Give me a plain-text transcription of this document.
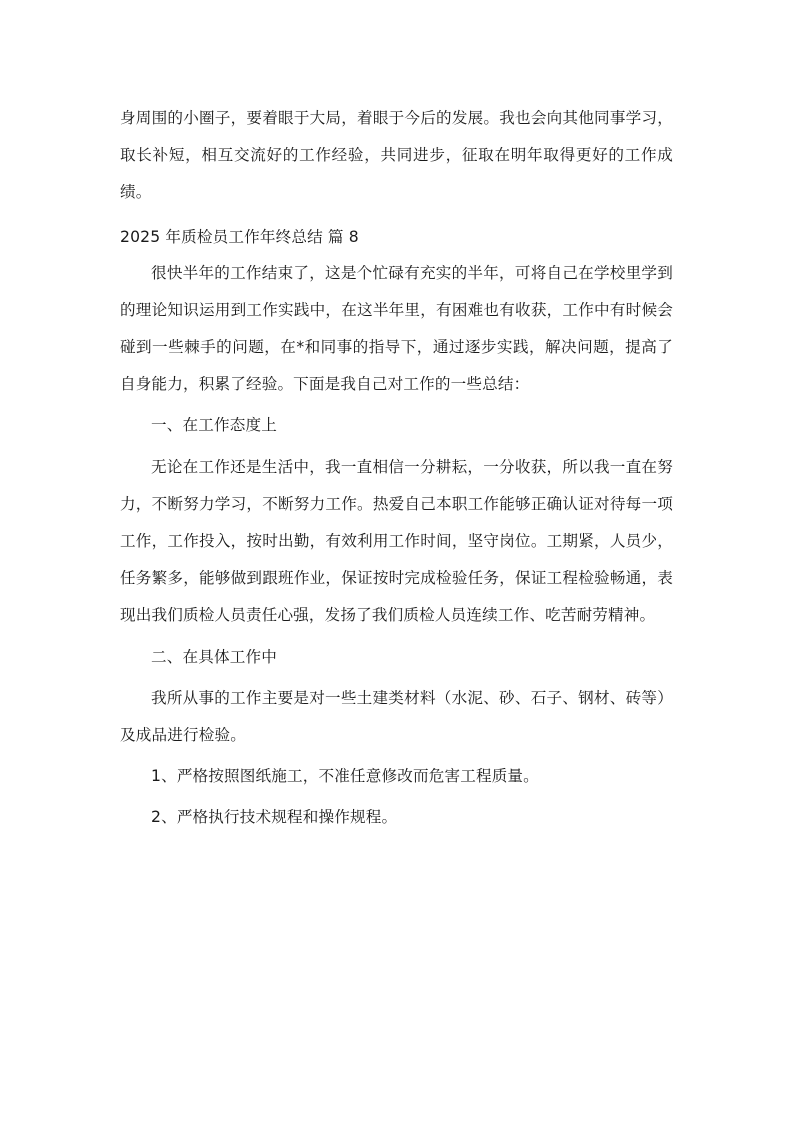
身周围的小圈子，要着眼于大局，着眼于今后的发展。我也会向其他同事学习，取长补短，相互交流好的工作经验，共同进步，征取在明年取得更好的工作成绩。

2025 年质检员工作年终总结 篇 8

很快半年的工作结束了，这是个忙碌有充实的半年，可将自己在学校里学到的理论知识运用到工作实践中，在这半年里，有困难也有收获，工作中有时候会碰到一些棘手的问题，在*和同事的指导下，通过逐步实践，解决问题，提高了自身能力，积累了经验。下面是我自己对工作的一些总结：

一、在工作态度上

无论在工作还是生活中，我一直相信一分耕耘，一分收获，所以我一直在努力，不断努力学习，不断努力工作。热爱自己本职工作能够正确认证对待每一项工作，工作投入，按时出勤，有效利用工作时间，坚守岗位。工期紧，人员少，任务繁多，能够做到跟班作业，保证按时完成检验任务，保证工程检验畅通，表现出我们质检人员责任心强，发扬了我们质检人员连续工作、吃苦耐劳精神。

二、在具体工作中

我所从事的工作主要是对一些土建类材料（水泥、砂、石子、钢材、砖等）及成品进行检验。

1、严格按照图纸施工，不准任意修改而危害工程质量。

2、严格执行技术规程和操作规程。
